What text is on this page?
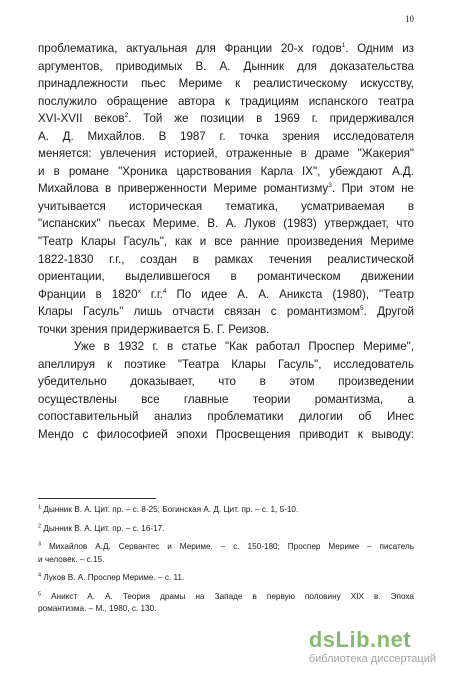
10
проблематика, актуальная для Франции 20-х годов$^1$. Одним из
аргументов, приводимых В. А. Дынник для доказательства
принадлежности пьес Мериме к реалистическому искусству,
послужило обращение автора к традициям испанского театра
XVI-XVII веков$^2$. Той же позиции в 1969 г. придерживался
А. Д. Михайлов. В 1987 г. точка зрения исследователя
меняется: увлечения историей, отраженные в драме "Жакерия"
и в романе "Хроника царствования Карла IX", убеждают А.Д.
Михайлова в приверженности Мериме романтизму$^3$. При этом не
учитывается историческая тематика, усматриваемая в
"испанских" пьесах Мериме. В. А. Луков (1983) утверждает, что
"Театр Клары Гасуль", как и все ранние произведения Мериме
1822-1830 г.г., создан в рамках течения реалистической
ориентации, выделившегося в романтическом движении
Франции в $1820^х$ г.г.$^4$ По идее А. А. Аникста (1980), "Театр
Клары Гасуль" лишь отчасти связан с романтизмом$^5$. Другой
точки зрения придерживается Б. Г. Реизов.
Уже в 1932 г. в статье "Как работал Проспер Мериме",
апеллируя к поэтике "Театра Клары Гасуль", исследователь
убедительно доказывает, что в этом произведении
осуществлены все главные теории романтизма, а
сопоставительный анализ проблематики дилогии об Инес
Мендо с философией эпохи Просвещения приводит к выводу:
$^1$ Дынник В. А. Цит. пр. – с. 8-25; Богинская А. Д. Цит. пр. – с. 1, 5-10.
$^2$ Дынник В. А. Цит. пр. – с. 16-17.
$^3$ Михайлов А.Д. Сервантес и Мериме. – с. 150-180; Проспер Мериме – писатель
и человек. – с.15.
$^4$ Луков В. А. Проспер Мериме. – с. 11.
$^5$ Аникст А. А. Теория драмы на Западе в первую половину XIX в. Эпоха
романтизма. – М., 1980, с. 130.
dsLib.net
библиотека диссертаций
